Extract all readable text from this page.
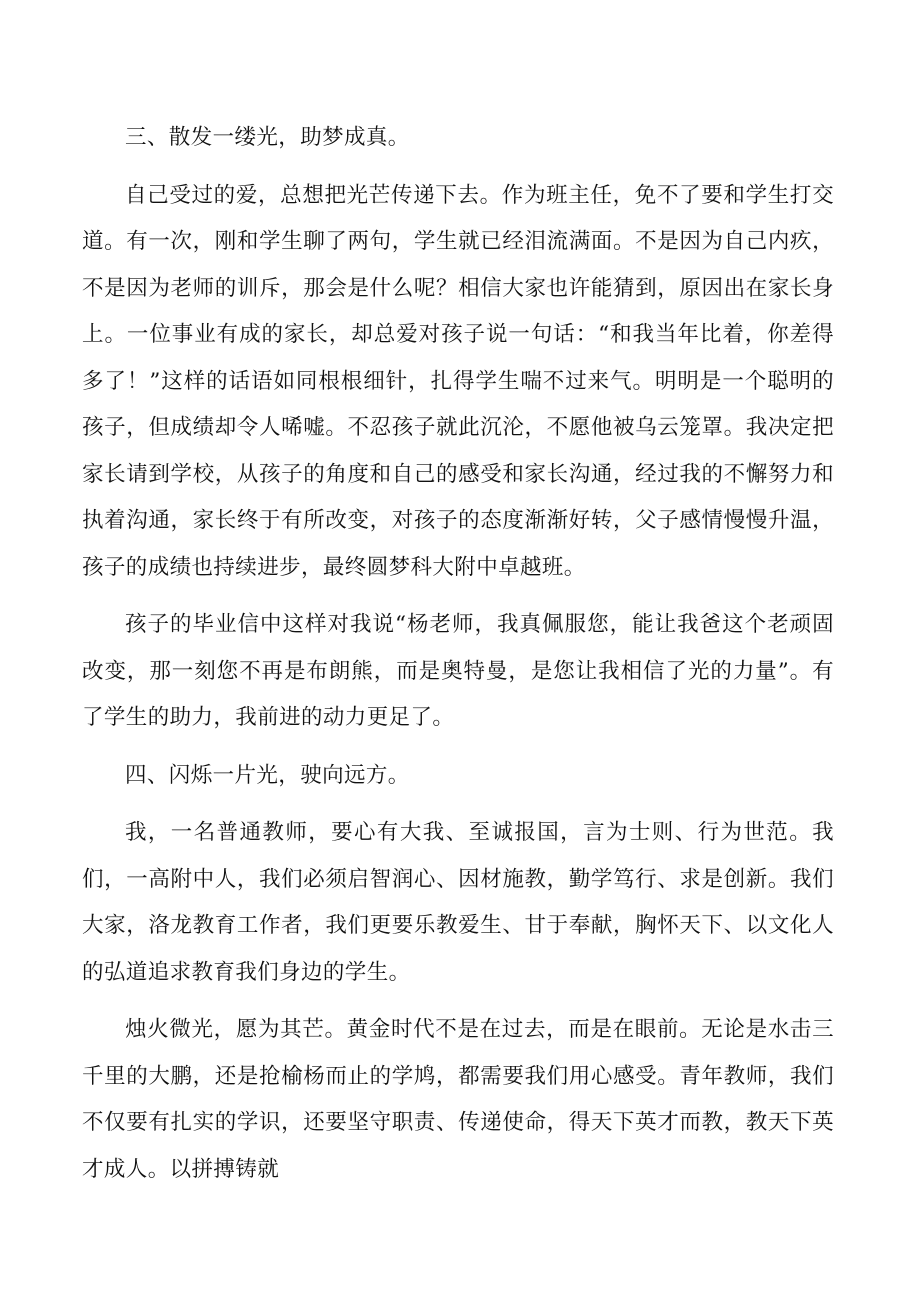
三、散发一缕光，助梦成真。

自己受过的爱，总想把光芒传递下去。作为班主任，免不了要和学生打交道。有一次，刚和学生聊了两句，学生就已经泪流满面。不是因为自己内疚，不是因为老师的训斥，那会是什么呢？相信大家也许能猜到，原因出在家长身上。一位事业有成的家长，却总爱对孩子说一句话：“和我当年比着，你差得多了！”这样的话语如同根根细针，扎得学生喘不过来气。明明是一个聪明的孩子，但成绩却令人唏嘘。不忍孩子就此沉沦，不愿他被乌云笼罩。我决定把家长请到学校，从孩子的角度和自己的感受和家长沟通，经过我的不懈努力和执着沟通，家长终于有所改变，对孩子的态度渐渐好转，父子感情慢慢升温，孩子的成绩也持续进步，最终圆梦科大附中卓越班。

孩子的毕业信中这样对我说“杨老师，我真佩服您，能让我爸这个老顽固改变，那一刻您不再是布朗熊，而是奥特曼，是您让我相信了光的力量”。有了学生的助力，我前进的动力更足了。

四、闪烁一片光，驶向远方。

我，一名普通教师，要心有大我、至诚报国，言为士则、行为世范。我们，一高附中人，我们必须启智润心、因材施教，勤学笃行、求是创新。我们大家，洛龙教育工作者，我们更要乐教爱生、甘于奉献，胸怀天下、以文化人的弘道追求教育我们身边的学生。

烛火微光，愿为其芒。黄金时代不是在过去，而是在眼前。无论是水击三千里的大鹏，还是抢榆杨而止的学鸠，都需要我们用心感受。青年教师，我们不仅要有扎实的学识，还要坚守职责、传递使命，得天下英才而教，教天下英才成人。以拼搏铸就
